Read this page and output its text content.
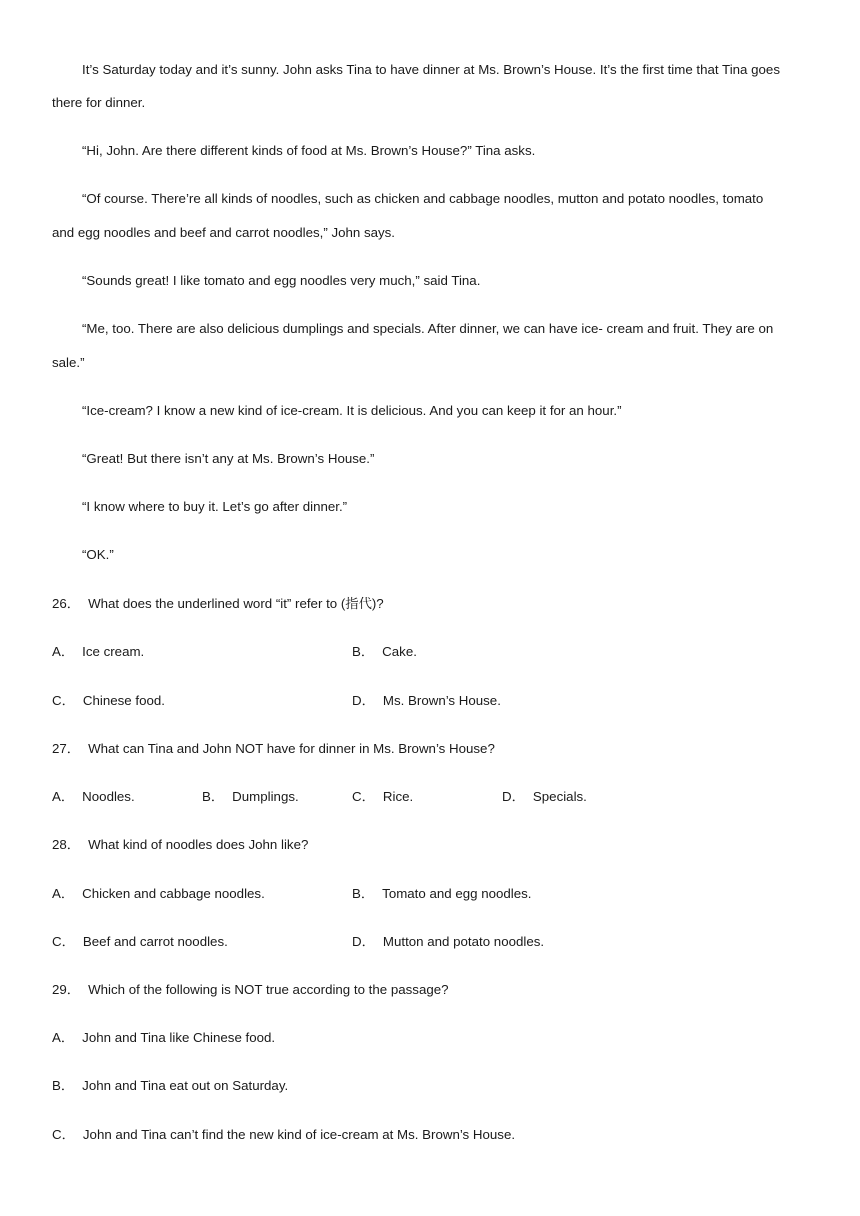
It’s Saturday today and it’s sunny. John asks Tina to have dinner at Ms. Brown’s House. It’s the first time that Tina goes
there for dinner.
“Hi, John. Are there different kinds of food at Ms. Brown’s House?” Tina asks.
“Of course. There’re all kinds of noodles, such as chicken and cabbage noodles, mutton and potato noodles, tomato
and egg noodles and beef and carrot noodles,” John says.
“Sounds great! I like tomato and egg noodles very much,” said Tina.
“Me, too. There are also delicious dumplings and specials. After dinner, we can have ice- cream and fruit. They are on
sale.”
“Ice-cream? I know a new kind of ice-cream. It is delicious. And you can keep it for an hour.”
“Great! But there isn’t any at Ms. Brown’s House.”
“I know where to buy it. Let’s go after dinner.”
“OK.”
26． What does the underlined word “it” refer to (指代)?
A． Ice cream.	B． Cake.
C． Chinese food.	D． Ms. Brown’s House.
27． What can Tina and John NOT have for dinner in Ms. Brown’s House?
A． Noodles.	B． Dumplings.	C． Rice.	D． Specials.
28． What kind of noodles does John like?
A． Chicken and cabbage noodles.	B． Tomato and egg noodles.
C． Beef and carrot noodles.	D． Mutton and potato noodles.
29． Which of the following is NOT true according to the passage?
A． John and Tina like Chinese food.
B． John and Tina eat out on Saturday.
C． John and Tina can’t find the new kind of ice-cream at Ms. Brown’s House.
